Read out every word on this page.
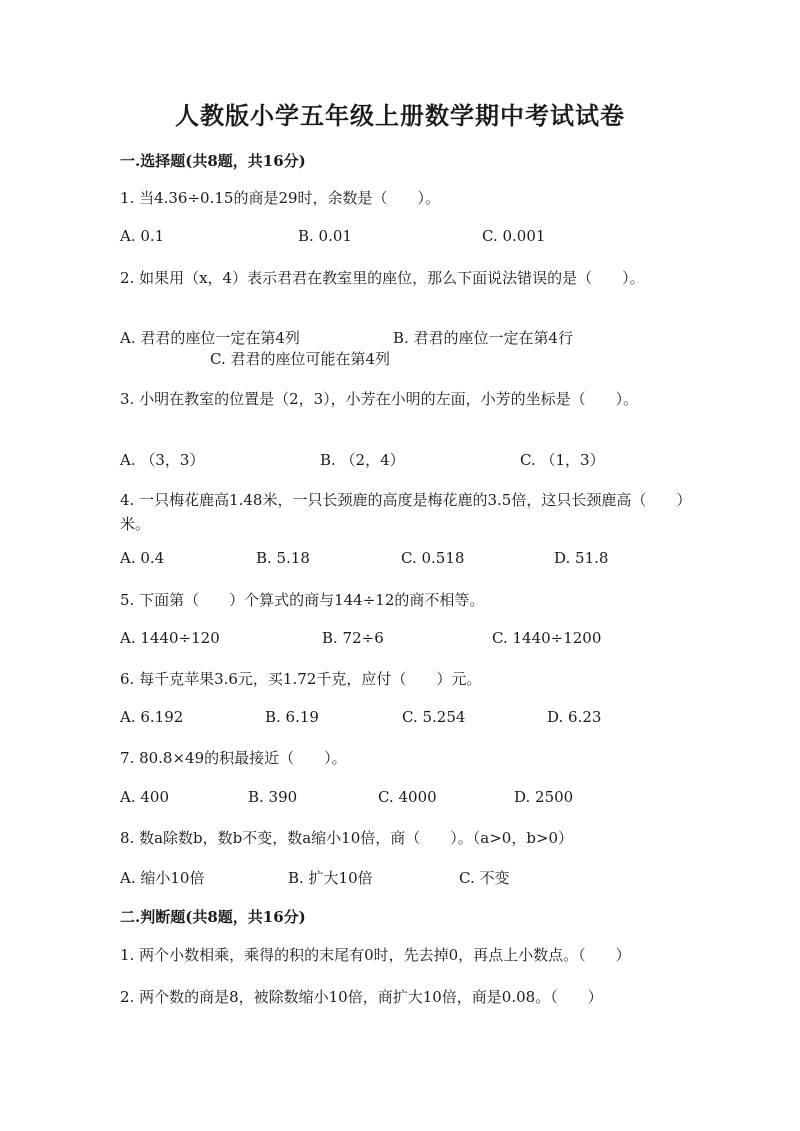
人教版小学五年级上册数学期中考试试卷
一.选择题(共8题，共16分)
1. 当4.36÷0.15的商是29时，余数是（　　）。
A. 0.1	B. 0.01	C. 0.001
2. 如果用（x，4）表示君君在教室里的座位，那么下面说法错误的是（　　）。
A. 君君的座位一定在第4列	B. 君君的座位一定在第4行
C. 君君的座位可能在第4列
3. 小明在教室的位置是（2，3），小芳在小明的左面，小芳的坐标是（　　）。
A. （3，3）	B. （2，4）	C. （1，3）
4. 一只梅花鹿高1.48米，一只长颈鹿的高度是梅花鹿的3.5倍，这只长颈鹿高（　　）米。
A. 0.4	B. 5.18	C. 0.518	D. 51.8
5. 下面第（　　）个算式的商与144÷12的商不相等。
A. 1440÷120	B. 72÷6	C. 1440÷1200
6. 每千克苹果3.6元，买1.72千克，应付（　　）元。
A. 6.192	B. 6.19	C. 5.254	D. 6.23
7. 80.8×49的积最接近（　　）。
A. 400	B. 390	C. 4000	D. 2500
8. 数a除数b，数b不变，数a缩小10倍，商（　　）。（a>0，b>0）
A. 缩小10倍	B. 扩大10倍	C. 不变
二.判断题(共8题，共16分)
1. 两个小数相乘，乘得的积的末尾有0时，先去掉0，再点上小数点。（　　）
2. 两个数的商是8，被除数缩小10倍，商扩大10倍，商是0.08。（　　）
